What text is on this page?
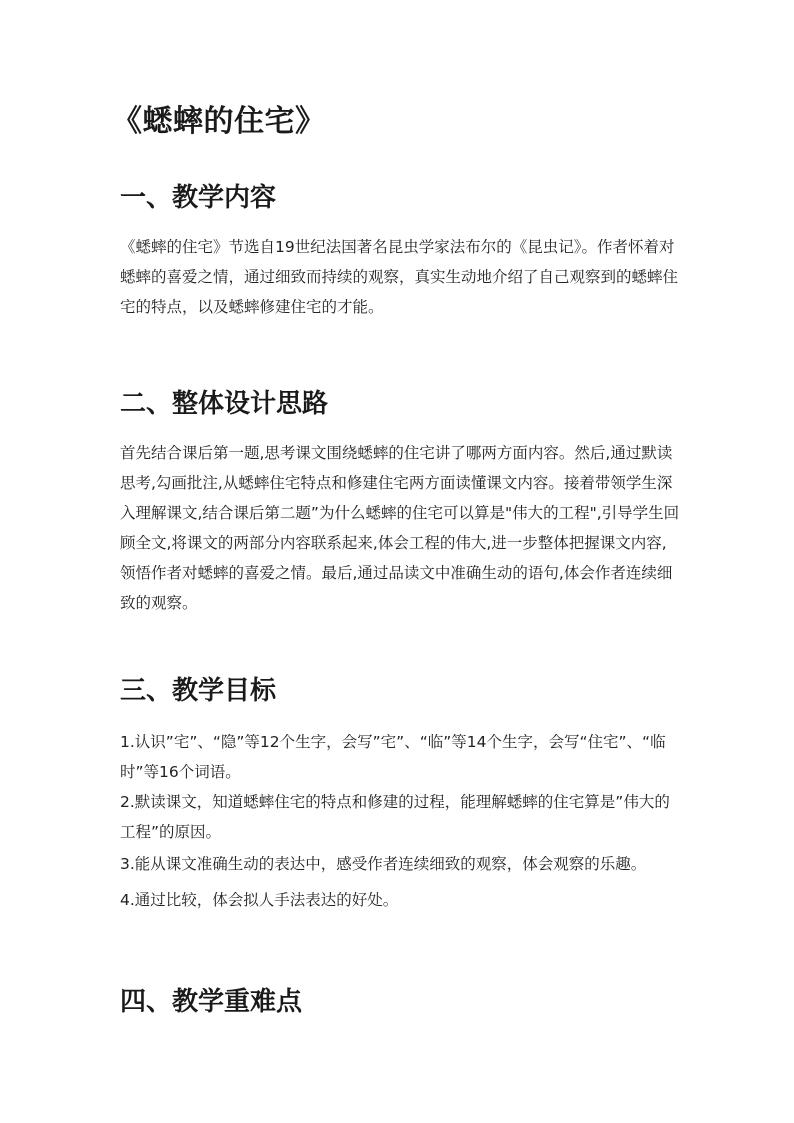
《蟋蟀的住宅》
一、教学内容

《蟋蟀的住宅》节选自19世纪法国著名昆虫学家法布尔的《昆虫记》。作者怀着对蟋蟀的喜爱之情，通过细致而持续的观察，真实生动地介绍了自己观察到的蟋蟀住宅的特点，以及蟋蟀修建住宅的才能。

二、整体设计思路

首先结合课后第一题,思考课文围绕蟋蟀的住宅讲了哪两方面内容。然后,通过默读思考,勾画批注,从蟋蟀住宅特点和修建住宅两方面读懂课文内容。接着带领学生深入理解课文,结合课后第二题”为什么蟋蟀的住宅可以算是"伟大的工程",引导学生回顾全文,将课文的两部分内容联系起来,体会工程的伟大,进一步整体把握课文内容,领悟作者对蟋蟀的喜爱之情。最后,通过品读文中准确生动的语句,体会作者连续细致的观察。

三、教学目标

1.认识”宅”、“隐”等12个生字，会写”宅”、“临”等14个生字，会写“住宅”、“临时”等16个词语。

2.默读课文，知道蟋蟀住宅的特点和修建的过程，能理解蟋蟀的住宅算是”伟大的工程”的原因。

3.能从课文准确生动的表达中，感受作者连续细致的观察，体会观察的乐趣。

4.通过比较，体会拟人手法表达的好处。

四、教学重难点
